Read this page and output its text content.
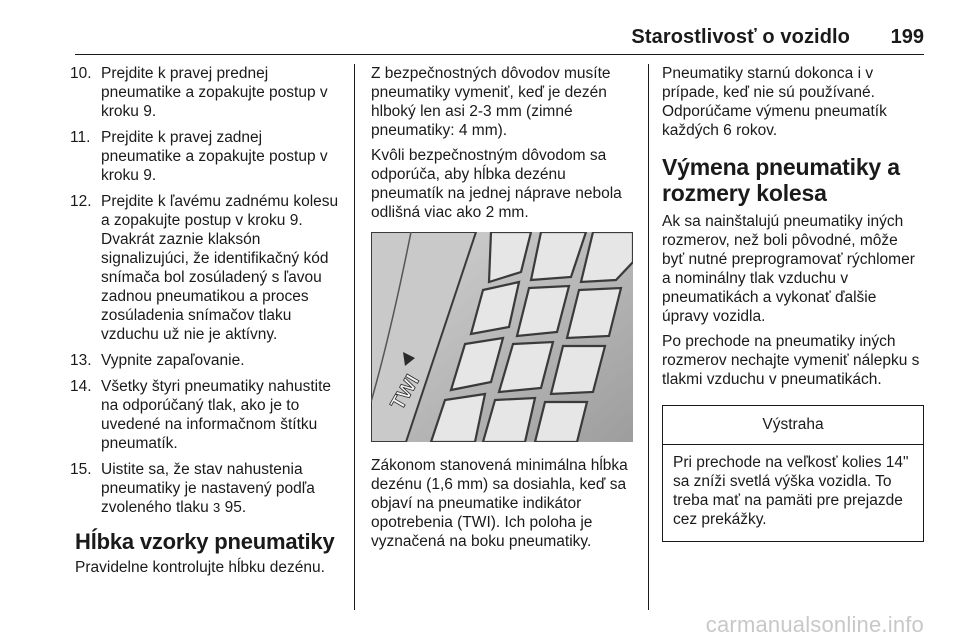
Starostlivosť o vozidlo 199
10. Prejdite k pravej prednej pneumatike a zopakujte postup v kroku 9.
11. Prejdite k pravej zadnej pneumatike a zopakujte postup v kroku 9.
12. Prejdite k ľavému zadnému kolesu a zopakujte postup v kroku 9. Dvakrát zaznie klaksón signalizujúci, že identifikačný kód snímača bol zosúladený s ľavou zadnou pneumatikou a proces zosúladenia snímačov tlaku vzduchu už nie je aktívny.
13. Vypnite zapaľovanie.
14. Všetky štyri pneumatiky nahustite na odporúčaný tlak, ako je to uvedené na informačnom štítku pneumatík.
15. Uistite sa, že stav nahustenia pneumatiky je nastavený podľa zvoleného tlaku 3 95.
Hĺbka vzorky pneumatiky

Pravidelne kontrolujte hĺbku dezénu.

Z bezpečnostných dôvodov musíte pneumatiky vymeniť, keď je dezén hlboký len asi 2-3 mm (zimné pneumatiky: 4 mm).

Kvôli bezpečnostným dôvodom sa odporúča, aby hĺbka dezénu pneumatík na jednej náprave nebola odlišná viac ako 2 mm.

TWI

Zákonom stanovená minimálna hĺbka dezénu (1,6 mm) sa dosiahla, keď sa objaví na pneumatike indikátor opotrebenia (TWI). Ich poloha je vyznačená na boku pneumatiky.

Pneumatiky starnú dokonca i v prípade, keď nie sú používané. Odporúčame výmenu pneumatík každých 6 rokov.

Výmena pneumatiky a rozmery kolesa

Ak sa nainštalujú pneumatiky iných rozmerov, než boli pôvodné, môže byť nutné preprogramovať rýchlomer a nominálny tlak vzduchu v pneumatikách a vykonať ďalšie úpravy vozidla.

Po prechode na pneumatiky iných rozmerov nechajte vymeniť nálepku s tlakmi vzduchu v pneumatikách.

Výstraha
Pri prechode na veľkosť kolies 14" sa zníži svetlá výška vozidla. To treba mať na pamäti pre prejazde cez prekážky.
carmanualsonline.info
